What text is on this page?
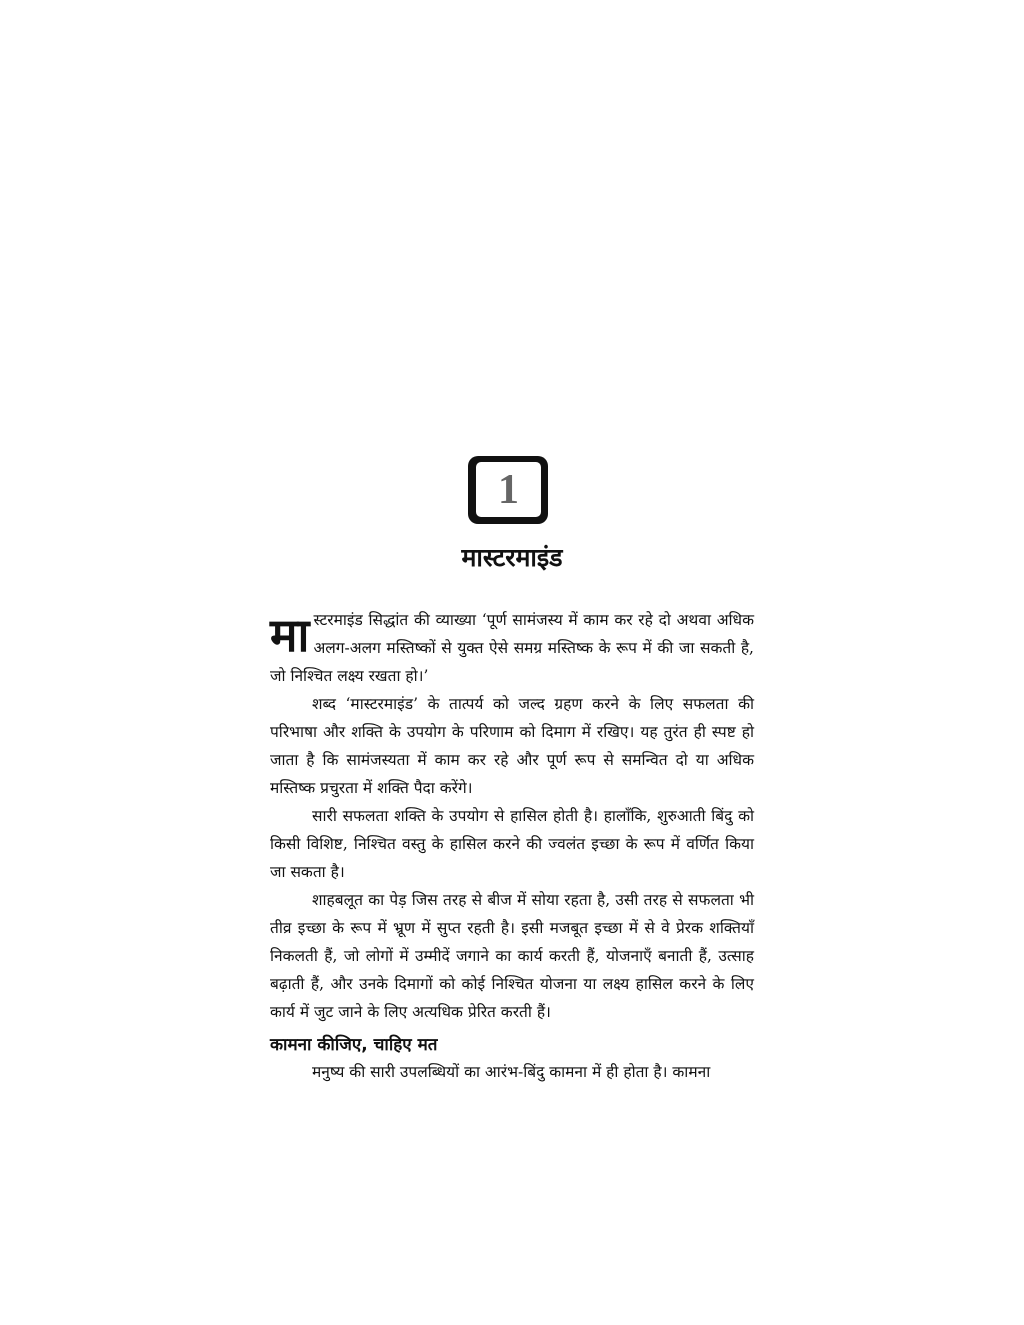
1
मास्टरमाइंड

मास्टरमाइंड सिद्धांत की व्याख्या ‘पूर्ण सामंजस्य में काम कर रहे दो अथवा अधिक अलग-अलग मस्तिष्कों से युक्त ऐसे समग्र मस्तिष्क के रूप में की जा सकती है, जो निश्चित लक्ष्य रखता हो।’

शब्द ‘मास्टरमाइंड’ के तात्पर्य को जल्द ग्रहण करने के लिए सफलता की परिभाषा और शक्ति के उपयोग के परिणाम को दिमाग में रखिए। यह तुरंत ही स्पष्ट हो जाता है कि सामंजस्यता में काम कर रहे और पूर्ण रूप से समन्वित दो या अधिक मस्तिष्क प्रचुरता में शक्ति पैदा करेंगे।

सारी सफलता शक्ति के उपयोग से हासिल होती है। हालाँकि, शुरुआती बिंदु को किसी विशिष्ट, निश्चित वस्तु के हासिल करने की ज्वलंत इच्छा के रूप में वर्णित किया जा सकता है।

शाहबलूत का पेड़ जिस तरह से बीज में सोया रहता है, उसी तरह से सफलता भी तीव्र इच्छा के रूप में भ्रूण में सुप्त रहती है। इसी मजबूत इच्छा में से वे प्रेरक शक्तियाँ निकलती हैं, जो लोगों में उम्मीदें जगाने का कार्य करती हैं, योजनाएँ बनाती हैं, उत्साह बढ़ाती हैं, और उनके दिमागों को कोई निश्चित योजना या लक्ष्य हासिल करने के लिए कार्य में जुट जाने के लिए अत्यधिक प्रेरित करती हैं।

कामना कीजिए, चाहिए मत

मनुष्य की सारी उपलब्धियों का आरंभ-बिंदु कामना में ही होता है। कामना
